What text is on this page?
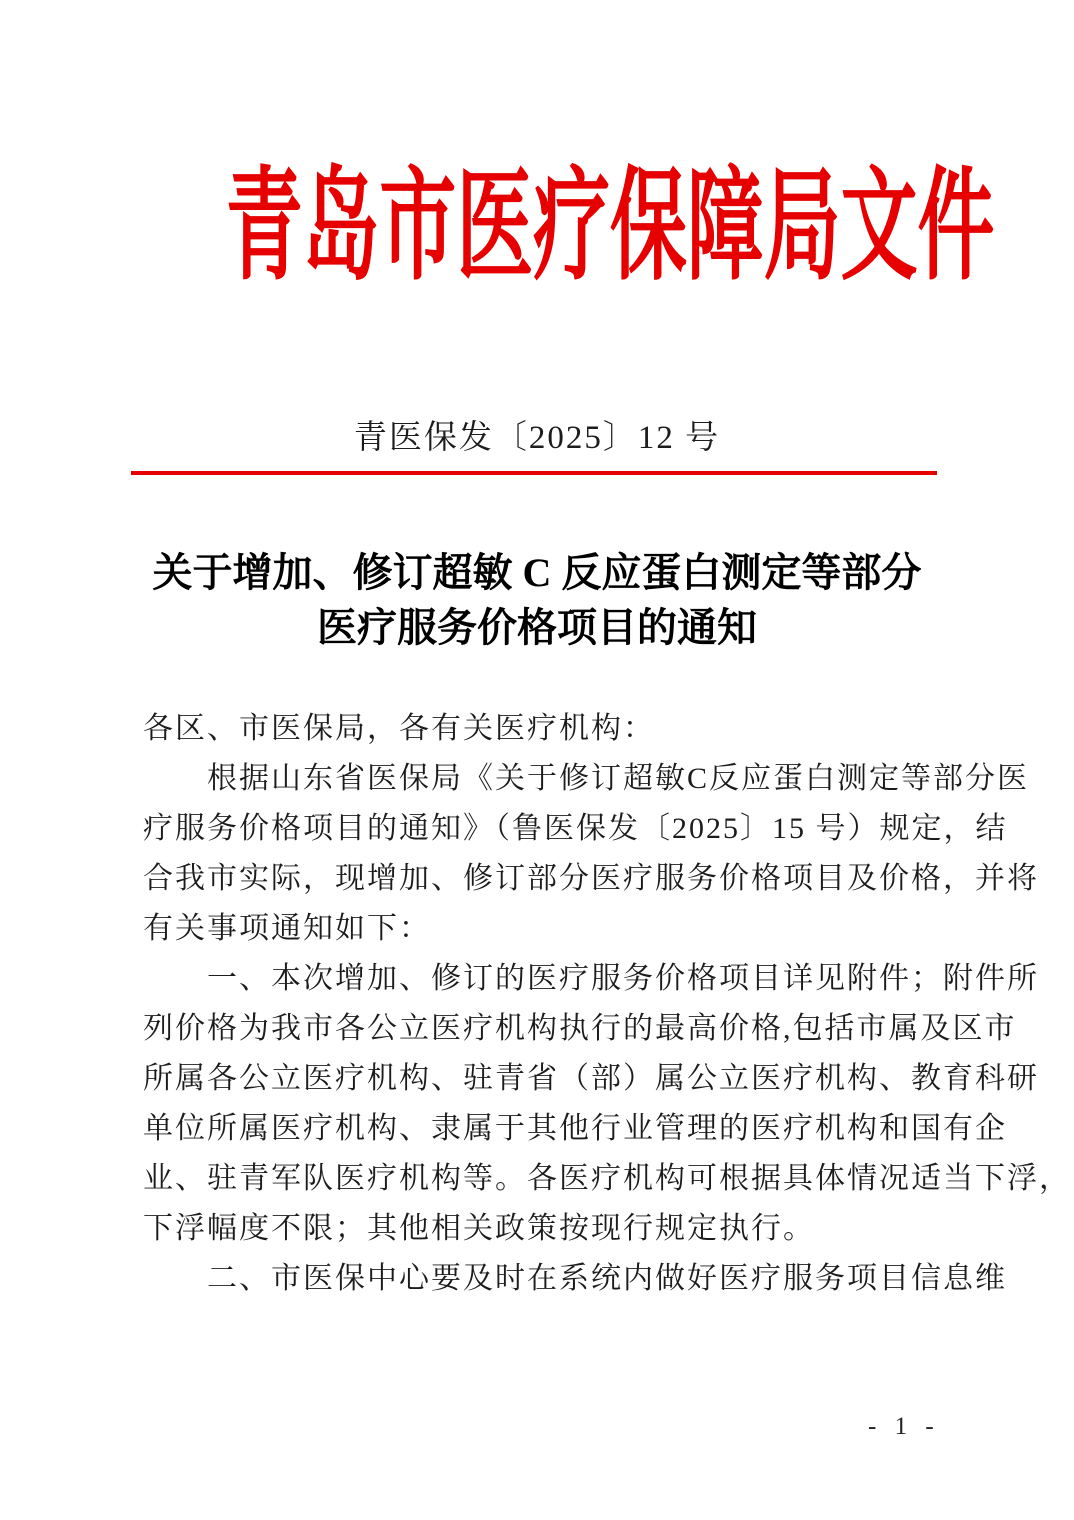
青岛市医疗保障局文件
青医保发〔2025〕12 号
关于增加、修订超敏 C 反应蛋白测定等部分
医疗服务价格项目的通知
各区、市医保局，各有关医疗机构：
根据山东省医保局《关于修订超敏C反应蛋白测定等部分医
疗服务价格项目的通知》（鲁医保发〔2025〕15 号）规定，结
合我市实际，现增加、修订部分医疗服务价格项目及价格，并将
有关事项通知如下：
一、本次增加、修订的医疗服务价格项目详见附件；附件所
列价格为我市各公立医疗机构执行的最高价格,包括市属及区市
所属各公立医疗机构、驻青省（部）属公立医疗机构、教育科研
单位所属医疗机构、隶属于其他行业管理的医疗机构和国有企
业、驻青军队医疗机构等。各医疗机构可根据具体情况适当下浮，
下浮幅度不限；其他相关政策按现行规定执行。
二、市医保中心要及时在系统内做好医疗服务项目信息维
- 1 -
